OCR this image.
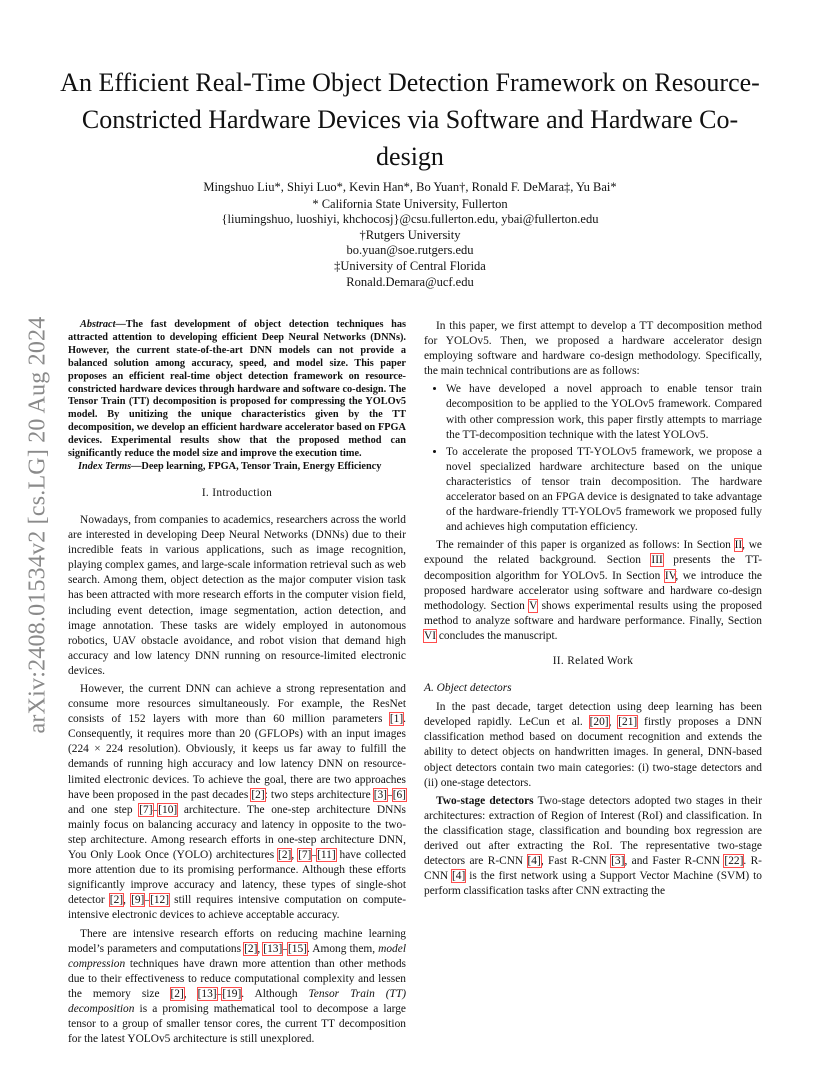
arXiv:2408.01534v2 [cs.LG] 20 Aug 2024
An Efficient Real-Time Object Detection Framework on Resource-Constricted Hardware Devices via Software and Hardware Co-design
Mingshuo Liu*, Shiyi Luo*, Kevin Han*, Bo Yuan†, Ronald F. DeMara‡, Yu Bai*
* California State University, Fullerton
{liumingshuo, luoshiyi, khchocosj}@csu.fullerton.edu, ybai@fullerton.edu
†Rutgers University
bo.yuan@soe.rutgers.edu
‡University of Central Florida
Ronald.Demara@ucf.edu

Abstract—The fast development of object detection techniques has attracted attention to developing efficient Deep Neural Networks (DNNs). However, the current state-of-the-art DNN models can not provide a balanced solution among accuracy, speed, and model size. This paper proposes an efficient real-time object detection framework on resource-constricted hardware devices through hardware and software co-design. The Tensor Train (TT) decomposition is proposed for compressing the YOLOv5 model. By unitizing the unique characteristics given by the TT decomposition, we develop an efficient hardware accelerator based on FPGA devices. Experimental results show that the proposed method can significantly reduce the model size and improve the execution time.

Index Terms—Deep learning, FPGA, Tensor Train, Energy Efficiency

I. Introduction

Nowadays, from companies to academics, researchers across the world are interested in developing Deep Neural Networks (DNNs) due to their incredible feats in various applications, such as image recognition, playing complex games, and large-scale information retrieval such as web search. Among them, object detection as the major computer vision task has been attracted with more research efforts in the computer vision field, including event detection, image segmentation, action detection, and image annotation. These tasks are widely employed in autonomous robotics, UAV obstacle avoidance, and robot vision that demand high accuracy and low latency DNN running on resource-limited electronic devices.

However, the current DNN can achieve a strong representation and consume more resources simultaneously. For example, the ResNet consists of 152 layers with more than 60 million parameters [1]. Consequently, it requires more than 20 (GFLOPs) with an input images (224 × 224 resolution). Obviously, it keeps us far away to fulfill the demands of running high accuracy and low latency DNN on resource-limited electronic devices. To achieve the goal, there are two approaches have been proposed in the past decades [2]: two steps architecture [3]–[6] and one step [7]–[10] architecture. The one-step architecture DNNs mainly focus on balancing accuracy and latency in opposite to the two-step architecture. Among research efforts in one-step architecture DNN, You Only Look Once (YOLO) architectures [2], [7]–[11] have collected more attention due to its promising performance. Although these efforts significantly improve accuracy and latency, these types of single-shot detector [2], [9]–[12] still requires intensive computation on compute-intensive electronic devices to achieve acceptable accuracy.

There are intensive research efforts on reducing machine learning model’s parameters and computations [2], [13]–[15]. Among them, model compression techniques have drawn more attention than other methods due to their effectiveness to reduce computational complexity and lessen the memory size [2], [13]–[19]. Although Tensor Train (TT) decomposition is a promising mathematical tool to decompose a large tensor to a group of smaller tensor cores, the current TT decomposition for the latest YOLOv5 architecture is still unexplored.

In this paper, we first attempt to develop a TT decomposition method for YOLOv5. Then, we proposed a hardware accelerator design employing software and hardware co-design methodology. Specifically, the main technical contributions are as follows:

• We have developed a novel approach to enable tensor train decomposition to be applied to the YOLOv5 framework. Compared with other compression work, this paper firstly attempts to marriage the TT-decomposition technique with the latest YOLOv5.
• To accelerate the proposed TT-YOLOv5 framework, we propose a novel specialized hardware architecture based on the unique characteristics of tensor train decomposition. The hardware accelerator based on an FPGA device is designated to take advantage of the hardware-friendly TT-YOLOv5 framework we proposed fully and achieves high computation efficiency.

The remainder of this paper is organized as follows: In Section II, we expound the related background. Section III presents the TT-decomposition algorithm for YOLOv5. In Section IV, we introduce the proposed hardware accelerator using software and hardware co-design methodology. Section V shows experimental results using the proposed method to analyze software and hardware performance. Finally, Section VI concludes the manuscript.

II. Related Work
A. Object detectors

In the past decade, target detection using deep learning has been developed rapidly. LeCun et al. [20], [21] firstly proposes a DNN classification method based on document recognition and extends the ability to detect objects on handwritten images. In general, DNN-based object detectors contain two main categories: (i) two-stage detectors and (ii) one-stage detectors.

Two-stage detectors Two-stage detectors adopted two stages in their architectures: extraction of Region of Interest (RoI) and classification. In the classification stage, classification and bounding box regression are derived out after extracting the RoI. The representative two-stage detectors are R-CNN [4], Fast R-CNN [3], and Faster R-CNN [22]. R-CNN [4] is the first network using a Support Vector Machine (SVM) to perform classification tasks after CNN extracting the
